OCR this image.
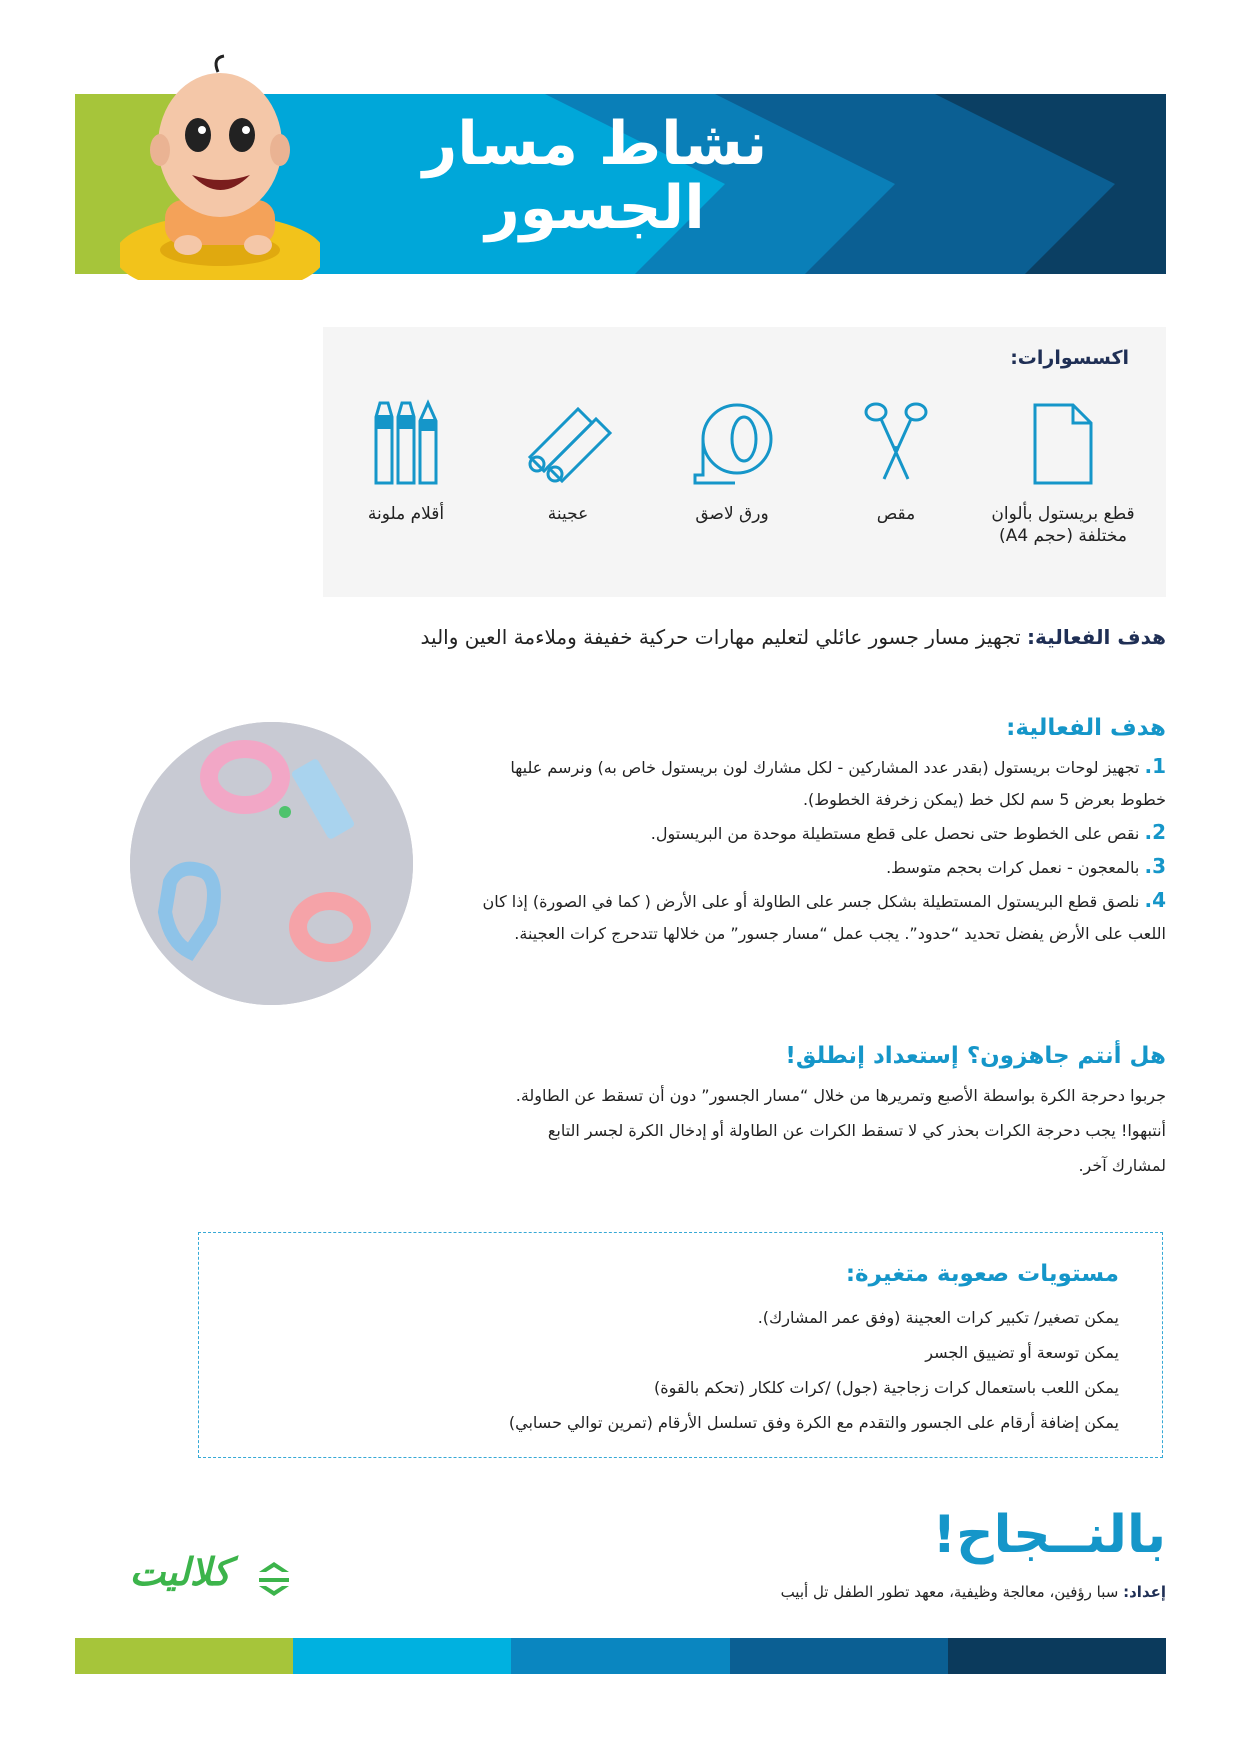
نشاط مسار
الجسور
اكسسوارات:
قطع بريستول بألوان مختلفة (حجم A4)
مقص
ورق لاصق
عجينة
أقلام ملونة
هدف الفعالية: تجهيز مسار جسور عائلي لتعليم مهارات حركية خفيفة وملاءمة العين واليد
هدف الفعالية:
1. تجهيز لوحات بريستول (بقدر عدد المشاركين - لكل مشارك لون بريستول خاص به) ونرسم عليها خطوط بعرض 5 سم لكل خط (يمكن زخرفة الخطوط).
2. نقص على الخطوط حتى نحصل على قطع مستطيلة موحدة من البريستول.
3. بالمعجون - نعمل كرات بحجم متوسط.
4. نلصق قطع البريستول المستطيلة بشكل جسر على الطاولة أو على الأرض ( كما في الصورة) إذا كان اللعب على الأرض يفضل تحديد “حدود”. يجب عمل “مسار جسور” من خلالها تتدحرج كرات العجينة.
هل أنتم جاهزون؟ إستعداد إنطلق!
جربوا دحرجة الكرة بواسطة الأصبع وتمريرها من خلال “مسار الجسور” دون أن تسقط عن الطاولة. أنتبهوا! يجب دحرجة الكرات بحذر كي لا تسقط الكرات عن الطاولة أو إدخال الكرة لجسر التابع لمشارك آخر.
مستويات صعوبة متغيرة:
يمكن تصغير/ تكبير كرات العجينة (وفق عمر المشارك).
يمكن توسعة أو تضييق الجسر
يمكن اللعب باستعمال كرات زجاجية (جول) /كرات كلكار (تحكم بالقوة)
يمكن إضافة أرقام على الجسور والتقدم مع الكرة وفق تسلسل الأرقام (تمرين توالي حسابي)
بالنــجاح!
إعداد: سبا رؤفين، معالجة وظيفية، معهد تطور الطفل تل أبيب
كلاليت
